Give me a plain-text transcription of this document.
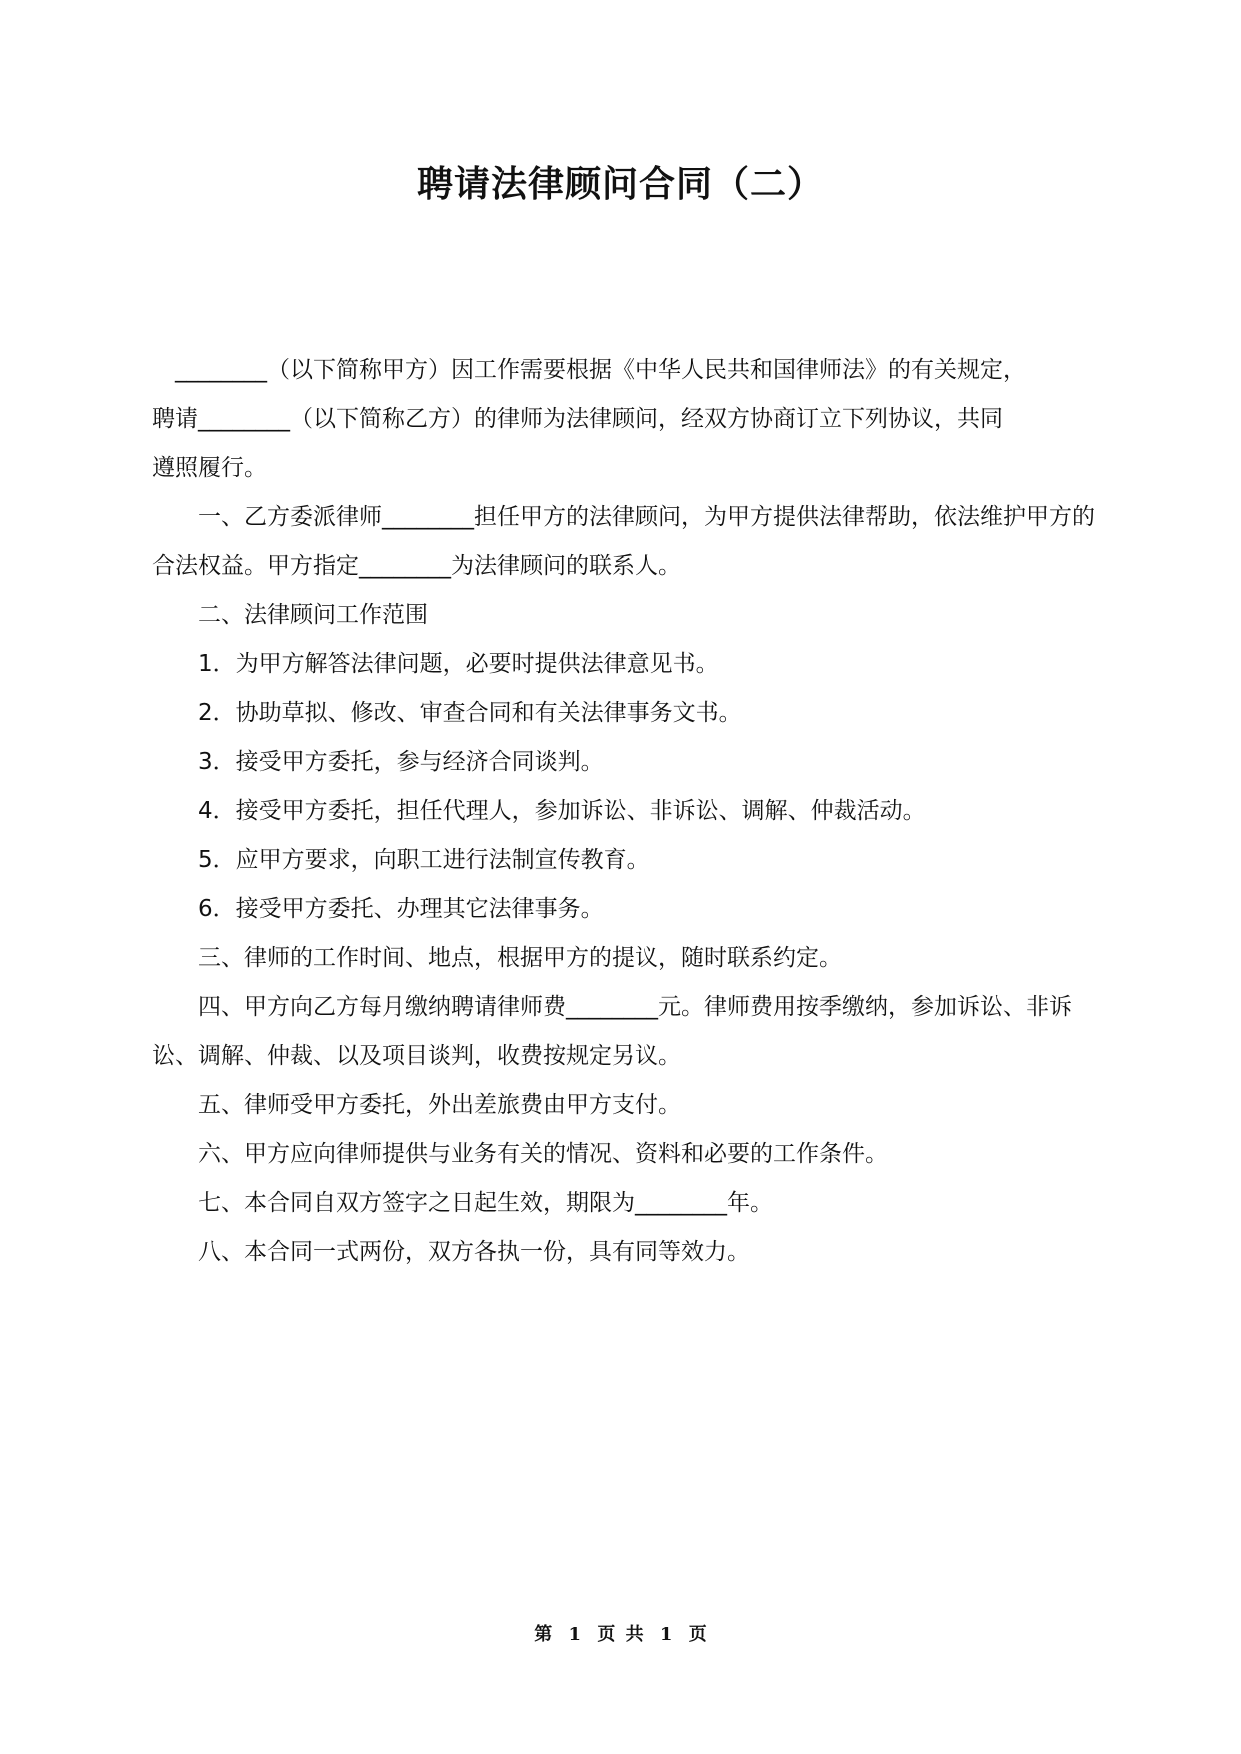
聘请法律顾问合同（二）

________（以下简称甲方）因工作需要根据《中华人民共和国律师法》的有关规定，

聘请________（以下简称乙方）的律师为法律顾问，经双方协商订立下列协议，共同

遵照履行。

一、乙方委派律师________担任甲方的法律顾问，为甲方提供法律帮助，依法维护甲方的合法权益。甲方指定________为法律顾问的联系人。

二、法律顾问工作范围

1．为甲方解答法律问题，必要时提供法律意见书。

2．协助草拟、修改、审查合同和有关法律事务文书。

3．接受甲方委托，参与经济合同谈判。

4．接受甲方委托，担任代理人，参加诉讼、非诉讼、调解、仲裁活动。

5．应甲方要求，向职工进行法制宣传教育。

6．接受甲方委托、办理其它法律事务。

三、律师的工作时间、地点，根据甲方的提议，随时联系约定。

四、甲方向乙方每月缴纳聘请律师费________元。律师费用按季缴纳，参加诉讼、非诉讼、调解、仲裁、以及项目谈判，收费按规定另议。

五、律师受甲方委托，外出差旅费由甲方支付。

六、甲方应向律师提供与业务有关的情况、资料和必要的工作条件。

七、本合同自双方签字之日起生效，期限为________年。

八、本合同一式两份，双方各执一份，具有同等效力。

第 1 页 共 1 页
